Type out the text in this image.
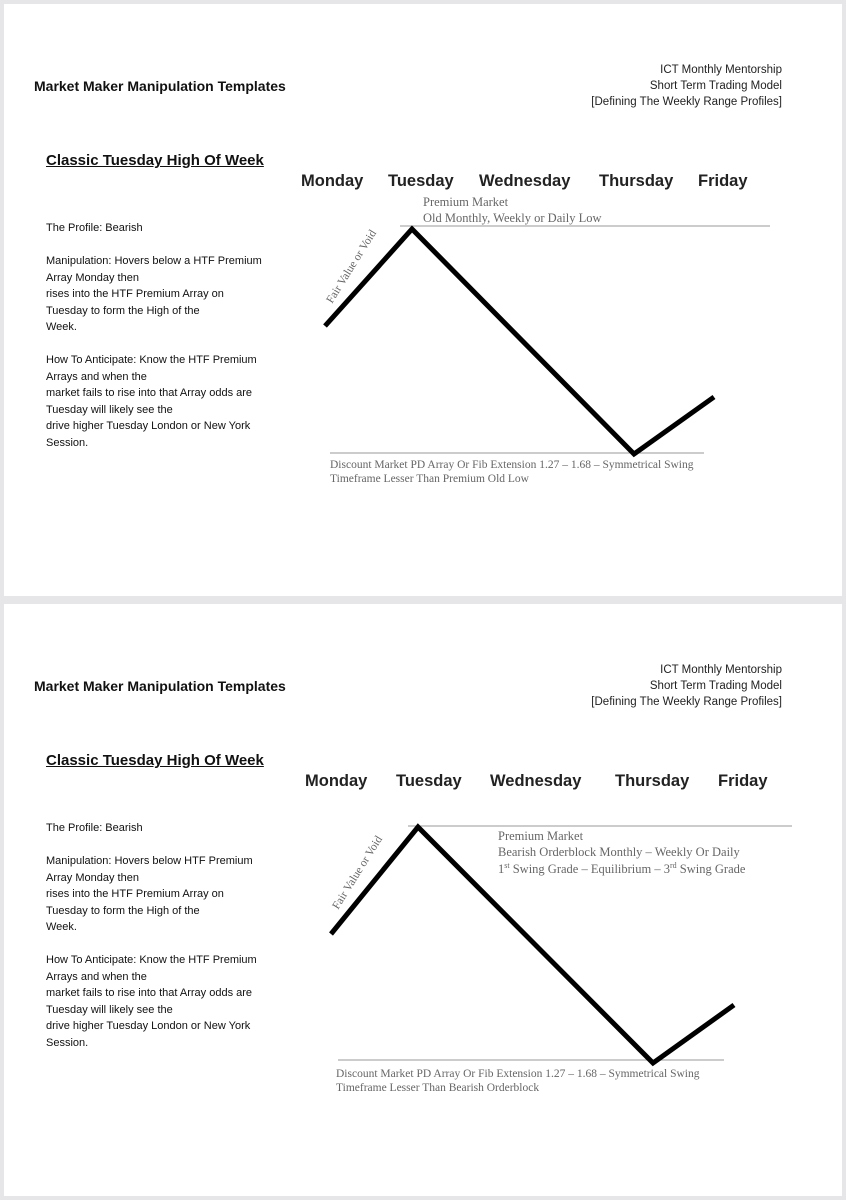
Market Maker Manipulation Templates
ICT Monthly Mentorship
Short Term Trading Model
[Defining The Weekly Range Profiles]
Classic Tuesday High Of Week

The Profile: Bearish

Manipulation: Hovers below a HTF Premium
Array Monday then
rises into the HTF Premium Array on
Tuesday to form the High of the
Week.

How To Anticipate: Know the HTF Premium
Arrays and when the
market fails to rise into that Array odds are
Tuesday will likely see the
drive higher Tuesday London or New York
Session.

Monday Tuesday Wednesday Thursday Friday
Premium Market
Old Monthly, Weekly or Daily Low
Fair Value or Void
Discount Market PD Array Or Fib Extension 1.27 – 1.68 – Symmetrical Swing
Timeframe Lesser Than Premium Old Low
Market Maker Manipulation Templates
ICT Monthly Mentorship
Short Term Trading Model
[Defining The Weekly Range Profiles]
Classic Tuesday High Of Week

The Profile: Bearish

Manipulation: Hovers below HTF Premium
Array Monday then
rises into the HTF Premium Array on
Tuesday to form the High of the
Week.

How To Anticipate: Know the HTF Premium
Arrays and when the
market fails to rise into that Array odds are
Tuesday will likely see the
drive higher Tuesday London or New York
Session.

Monday Tuesday Wednesday Thursday Friday
Premium Market
Bearish Orderblock Monthly – Weekly Or Daily
1st Swing Grade – Equilibrium – 3rd Swing Grade
Fair Value or Void
Discount Market PD Array Or Fib Extension 1.27 – 1.68 – Symmetrical Swing
Timeframe Lesser Than Bearish Orderblock
